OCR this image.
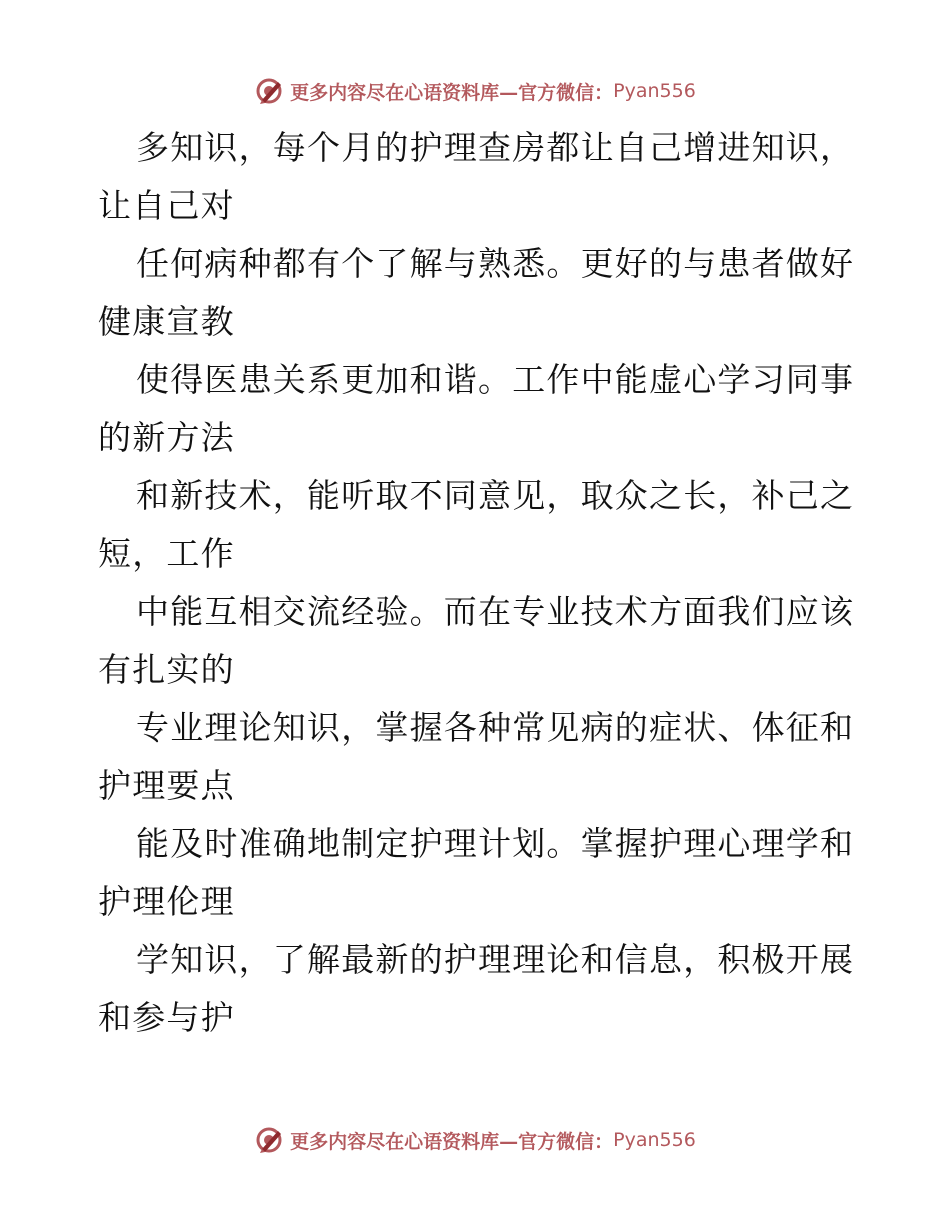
更多内容尽在心语资料库—官方微信： Pyan556

多知识，每个月的护理查房都让自己增进知识，
让自己对

任何病种都有个了解与熟悉。更好的与患者做好
健康宣教

使得医患关系更加和谐。工作中能虚心学习同事
的新方法

和新技术，能听取不同意见，取众之长，补己之
短，工作

中能互相交流经验。而在专业技术方面我们应该
有扎实的

专业理论知识，掌握各种常见病的症状、体征和
护理要点

能及时准确地制定护理计划。掌握护理心理学和
护理伦理

学知识，了解最新的护理理论和信息，积极开展
和参与护

更多内容尽在心语资料库—官方微信： Pyan556
